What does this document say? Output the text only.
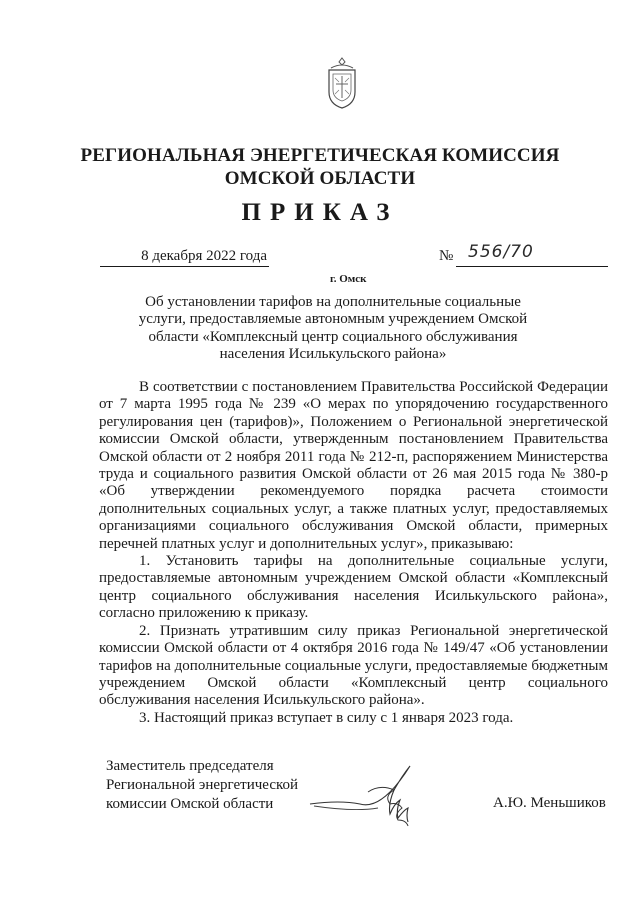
РЕГИОНАЛЬНАЯ ЭНЕРГЕТИЧЕСКАЯ КОМИССИЯ
ОМСКОЙ ОБЛАСТИ
ПРИКАЗ
8 декабря 2022 года	№ 556/70
г. Омск
Об установлении тарифов на дополнительные социальные услуги, предоставляемые автономным учреждением Омской области «Комплексный центр социального обслуживания населения Исилькульского района»

В соответствии с постановлением Правительства Российской Федерации от 7 марта 1995 года № 239 «О мерах по упорядочению государственного регулирования цен (тарифов)», Положением о Региональной энергетической комиссии Омской области, утвержденным постановлением Правительства Омской области от 2 ноября 2011 года № 212-п, распоряжением Министерства труда и социального развития Омской области от 26 мая 2015 года № 380-р «Об утверждении рекомендуемого порядка расчета стоимости дополнительных социальных услуг, а также платных услуг, предоставляемых организациями социального обслуживания Омской области, примерных перечней платных услуг и дополнительных услуг», приказываю:

1. Установить тарифы на дополнительные социальные услуги, предоставляемые автономным учреждением Омской области «Комплексный центр социального обслуживания населения Исилькульского района», согласно приложению к приказу.

2. Признать утратившим силу приказ Региональной энергетической комиссии Омской области от 4 октября 2016 года № 149/47 «Об установлении тарифов на дополнительные социальные услуги, предоставляемые бюджетным учреждением Омской области «Комплексный центр социального обслуживания населения Исилькульского района».

3. Настоящий приказ вступает в силу с 1 января 2023 года.

Заместитель председателя
Региональной энергетической
комиссии Омской области	А.Ю. Меньшиков
